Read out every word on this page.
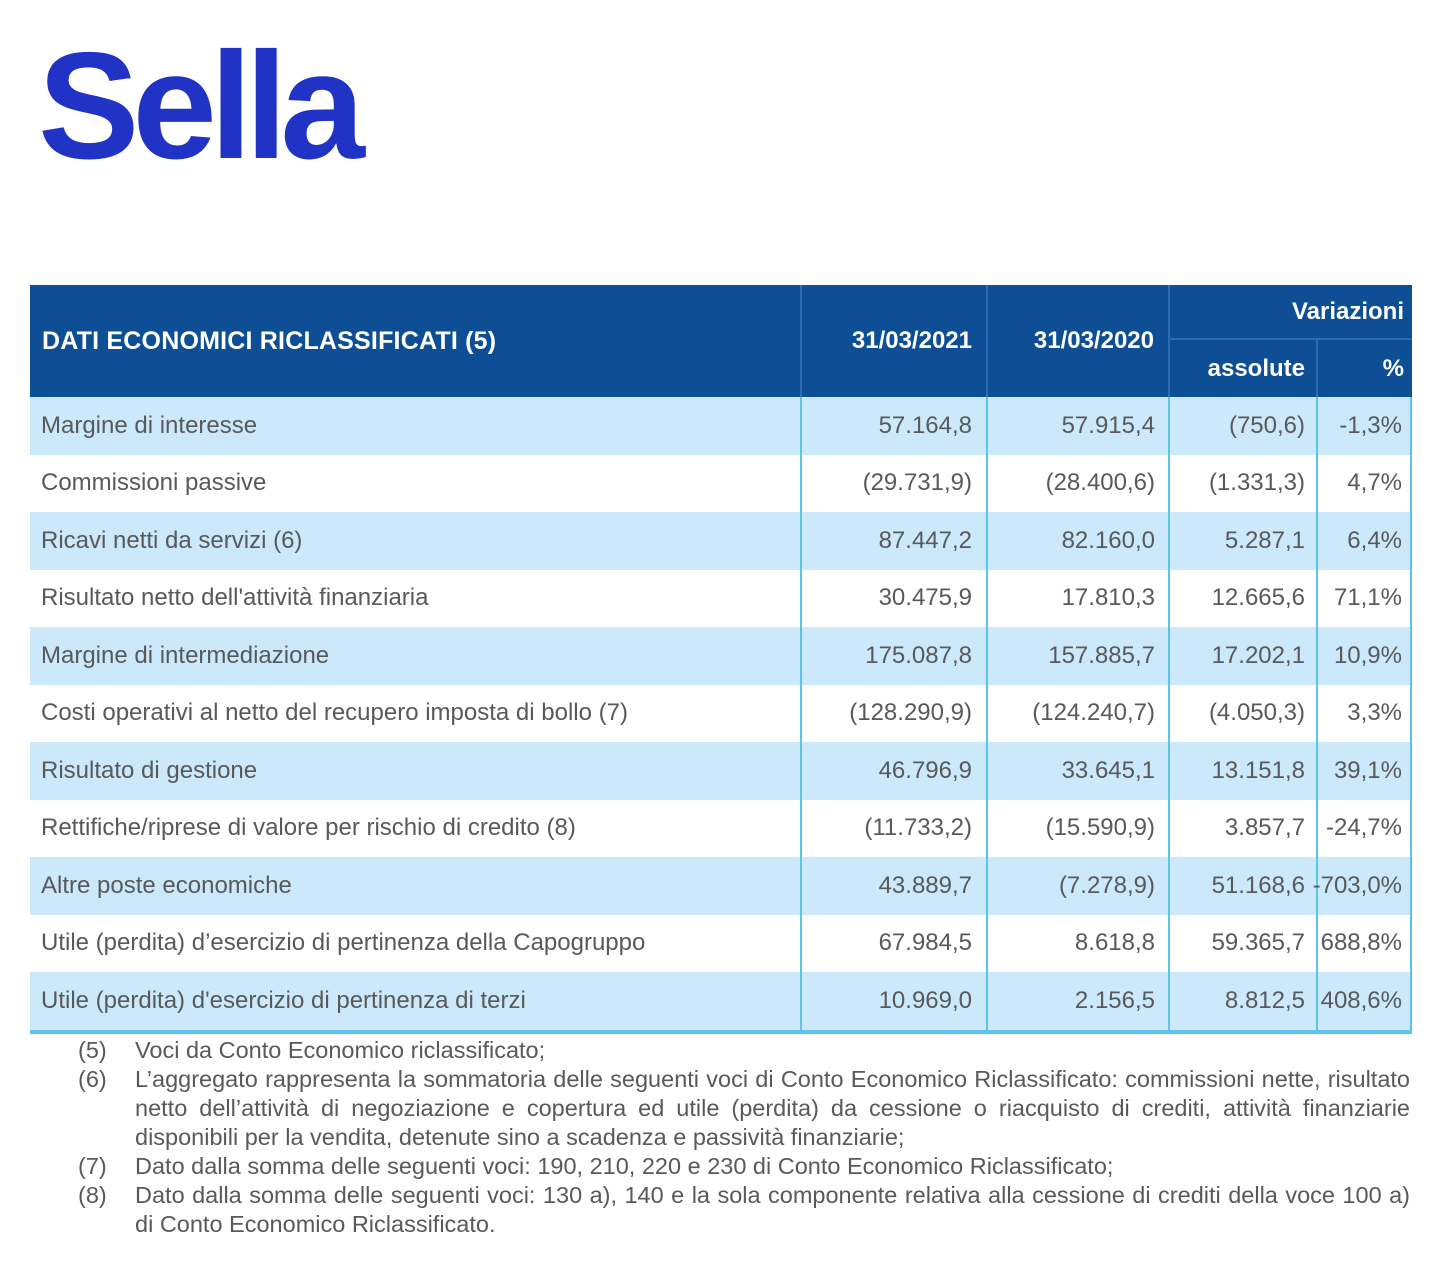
Sella
DATI ECONOMICI RICLASSIFICATI (5)	31/03/2021	31/03/2020
Variazioni
assolute	%
Margine di interesse	57.164,8	57.915,4	(750,6)	-1,3%
Commissioni passive	(29.731,9)	(28.400,6)	(1.331,3)	4,7%
Ricavi netti da servizi (6)	87.447,2	82.160,0	5.287,1	6,4%
Risultato netto dell'attività finanziaria	30.475,9	17.810,3	12.665,6	71,1%
Margine di intermediazione	175.087,8	157.885,7	17.202,1	10,9%
Costi operativi al netto del recupero imposta di bollo (7)	(128.290,9)	(124.240,7)	(4.050,3)	3,3%
Risultato di gestione	46.796,9	33.645,1	13.151,8	39,1%
Rettifiche/riprese di valore per rischio di credito (8)	(11.733,2)	(15.590,9)	3.857,7 -24,7%
Altre poste economiche	43.889,7	(7.278,9)	51.168,6 -703,0%
Utile (perdita) d’esercizio di pertinenza della Capogruppo	67.984,5	8.618,8	59.365,7 688,8%
Utile (perdita) d'esercizio di pertinenza di terzi	10.969,0	2.156,5	8.812,5 408,6%
(5)	Voci da Conto Economico riclassificato;
(6)	L’aggregato rappresenta la sommatoria delle seguenti voci di Conto Economico Riclassificato: commissioni nette, risultato netto dell’attività di negoziazione e copertura ed utile (perdita) da cessione o riacquisto di crediti, attività finanziarie disponibili per la vendita, detenute sino a scadenza e passività finanziarie;
(7)	Dato dalla somma delle seguenti voci: 190, 210, 220 e 230 di Conto Economico Riclassificato;
(8)	Dato dalla somma delle seguenti voci: 130 a), 140 e la sola componente relativa alla cessione di crediti della voce 100 a) di Conto Economico Riclassificato.
